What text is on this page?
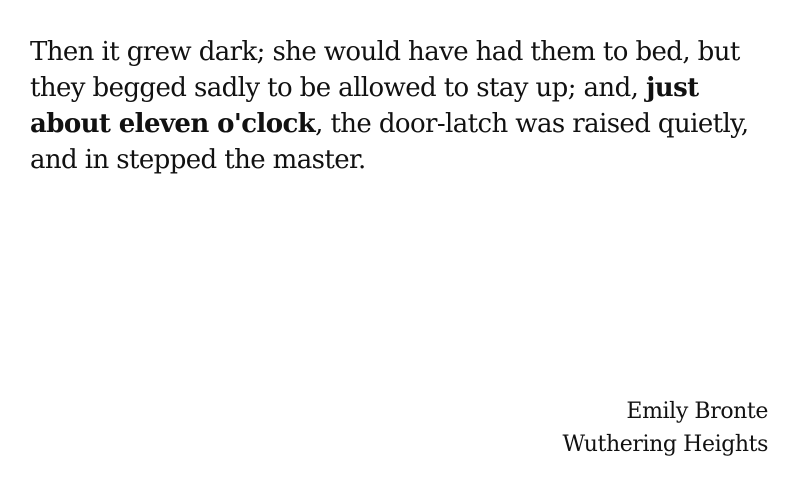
Then it grew dark; she would have had them to bed, but they begged sadly to be allowed to stay up; and, just about eleven o'clock, the door-latch was raised quietly, and in stepped the master.

Emily Bronte
Wuthering Heights
